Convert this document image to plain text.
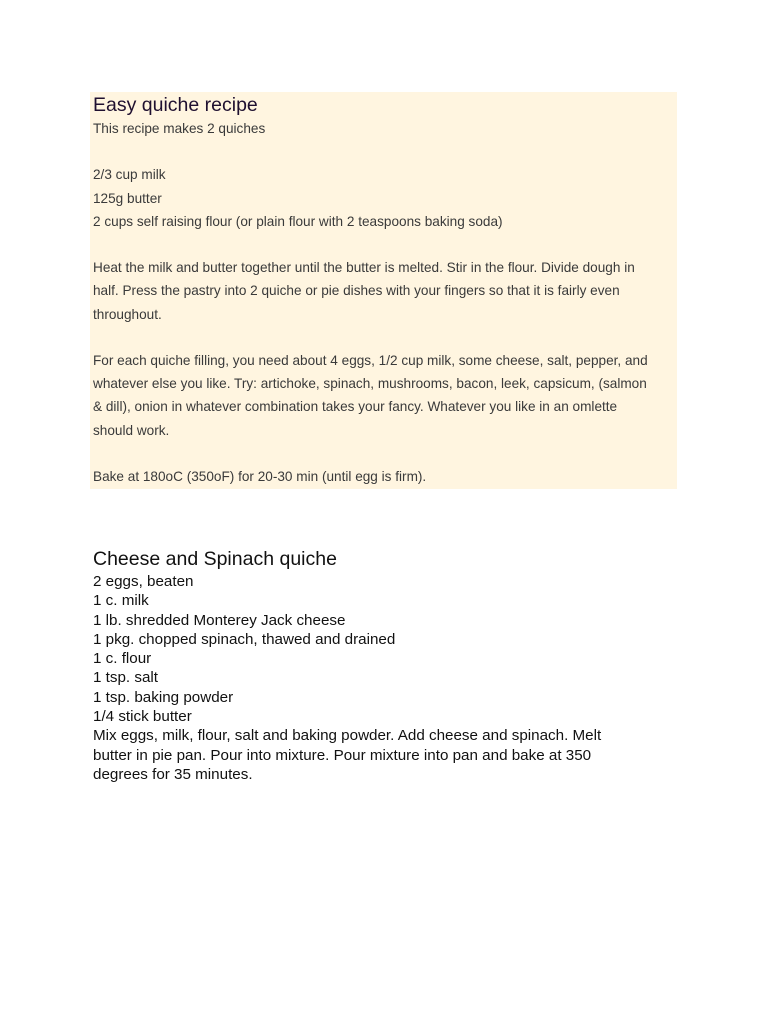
Easy quiche recipe

This recipe makes 2 quiches

2/3 cup milk

125g butter

2 cups self raising flour (or plain flour with 2 teaspoons baking soda)

Heat the milk and butter together until the butter is melted. Stir in the flour. Divide dough in

half. Press the pastry into 2 quiche or pie dishes with your fingers so that it is fairly even

throughout.

For each quiche filling, you need about 4 eggs, 1/2 cup milk, some cheese, salt, pepper, and

whatever else you like. Try: artichoke, spinach, mushrooms, bacon, leek, capsicum, (salmon

& dill), onion in whatever combination takes your fancy. Whatever you like in an omlette

should work.

Bake at 180oC (350oF) for 20-30 min (until egg is firm).

Cheese and Spinach quiche

2 eggs, beaten

1 c. milk

1 lb. shredded Monterey Jack cheese

1 pkg. chopped spinach, thawed and drained

1 c. flour

1 tsp. salt

1 tsp. baking powder

1/4 stick butter

Mix eggs, milk, flour, salt and baking powder. Add cheese and spinach. Melt

butter in pie pan. Pour into mixture. Pour mixture into pan and bake at 350

degrees for 35 minutes.
